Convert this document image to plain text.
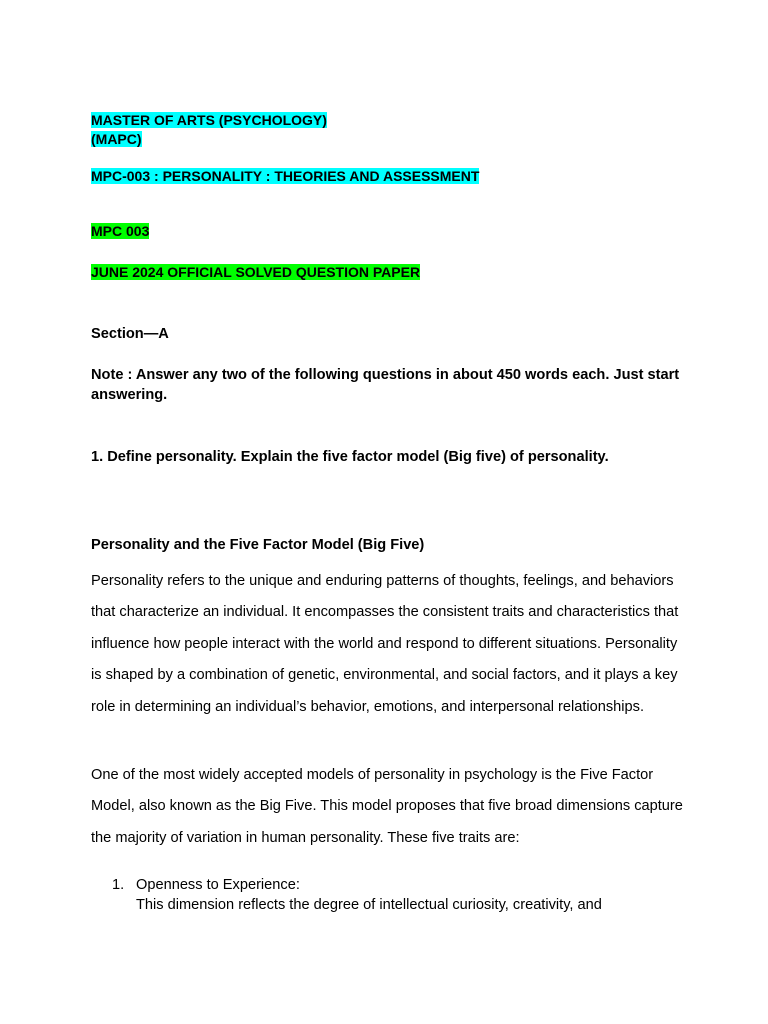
MASTER OF ARTS (PSYCHOLOGY)
(MAPC)
MPC-003 : PERSONALITY : THEORIES AND ASSESSMENT
MPC 003
JUNE 2024 OFFICIAL SOLVED QUESTION PAPER
Section—A

Note : Answer any two of the following questions in about 450 words each. Just start answering.

1. Define personality. Explain the five factor model (Big five) of personality.
Personality and the Five Factor Model (Big Five)

Personality refers to the unique and enduring patterns of thoughts, feelings, and behaviors that characterize an individual. It encompasses the consistent traits and characteristics that influence how people interact with the world and respond to different situations. Personality is shaped by a combination of genetic, environmental, and social factors, and it plays a key role in determining an individual’s behavior, emotions, and interpersonal relationships.

One of the most widely accepted models of personality in psychology is the Five Factor Model, also known as the Big Five. This model proposes that five broad dimensions capture the majority of variation in human personality. These five traits are:

1. Openness to Experience:
This dimension reflects the degree of intellectual curiosity, creativity, and
